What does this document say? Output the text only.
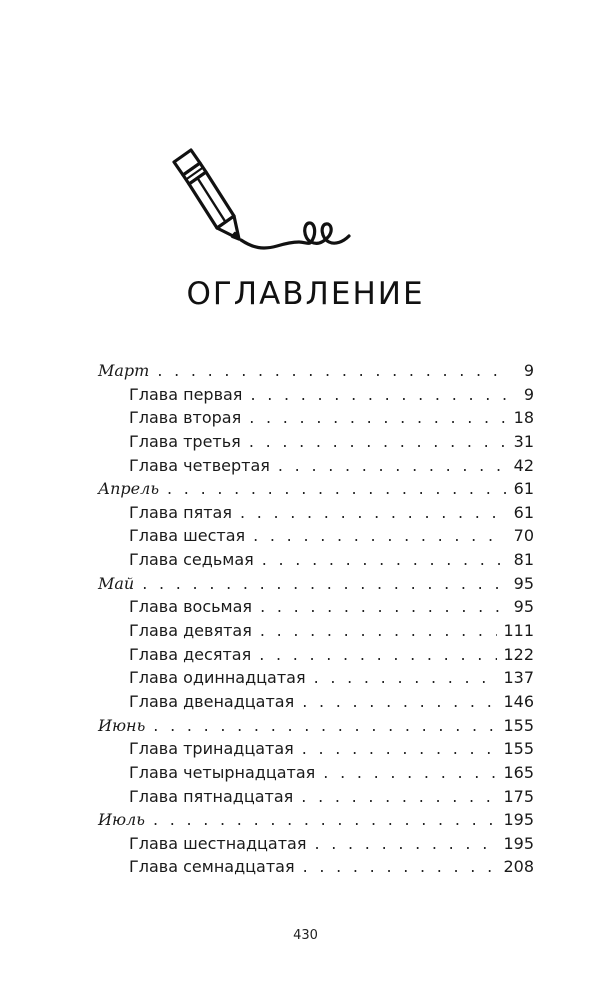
ОГЛАВЛЕНИЕ
Март . . .	9
Глава первая . . .	9
Глава вторая . . .	18
Глава третья . . .	31
Глава четвертая . . .	42
Апрель . . .	61
Глава пятая . . .	61
Глава шестая . . .	70
Глава седьмая . . .	81
Май . . .	95
Глава восьмая . . .	95
Глава девятая . . .	111
Глава десятая . . .	122
Глава одиннадцатая . . .	137
Глава двенадцатая . . .	146
Июнь . . .	155
Глава тринадцатая . . .	155
Глава четырнадцатая . . .	165
Глава пятнадцатая . . .	175
Июль . . .	195
Глава шестнадцатая . . .	195
Глава семнадцатая . . .	208
430
